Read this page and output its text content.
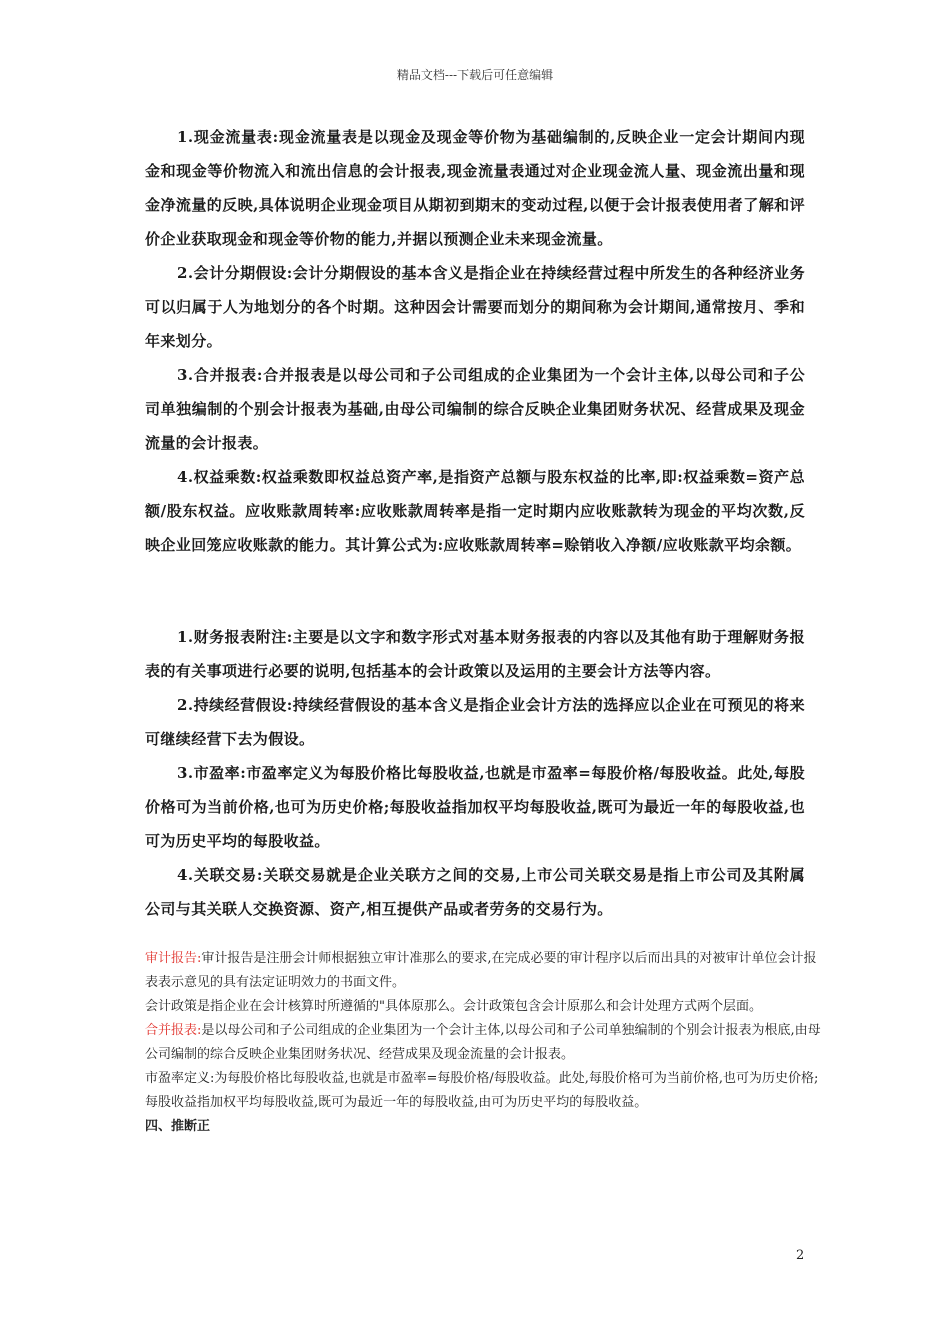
精品文档---下载后可任意编辑

1.现金流量表:现金流量表是以现金及现金等价物为基础编制的,反映企业一定会计期间内现金和现金等价物流入和流出信息的会计报表,现金流量表通过对企业现金流人量、现金流出量和现金净流量的反映,具体说明企业现金项目从期初到期末的变动过程,以便于会计报表使用者了解和评价企业获取现金和现金等价物的能力,并据以预测企业未来现金流量。

2.会计分期假设:会计分期假设的基本含义是指企业在持续经营过程中所发生的各种经济业务可以归属于人为地划分的各个时期。这种因会计需要而划分的期间称为会计期间,通常按月、季和年来划分。

3.合并报表:合并报表是以母公司和子公司组成的企业集团为一个会计主体,以母公司和子公司单独编制的个别会计报表为基础,由母公司编制的综合反映企业集团财务状况、经营成果及现金流量的会计报表。

4.权益乘数:权益乘数即权益总资产率,是指资产总额与股东权益的比率,即:权益乘数=资产总额/股东权益。应收账款周转率:应收账款周转率是指一定时期内应收账款转为现金的平均次数,反映企业回笼应收账款的能力。其计算公式为:应收账款周转率=赊销收入净额/应收账款平均余额。

1.财务报表附注:主要是以文字和数字形式对基本财务报表的内容以及其他有助于理解财务报表的有关事项进行必要的说明,包括基本的会计政策以及运用的主要会计方法等内容。

2.持续经营假设:持续经营假设的基本含义是指企业会计方法的选择应以企业在可预见的将来可继续经营下去为假设。

3.市盈率:市盈率定义为每股价格比每股收益,也就是市盈率=每股价格/每股收益。此处,每股价格可为当前价格,也可为历史价格;每股收益指加权平均每股收益,既可为最近一年的每股收益,也可为历史平均的每股收益。

4.关联交易:关联交易就是企业关联方之间的交易,上市公司关联交易是指上市公司及其附属公司与其关联人交换资源、资产,相互提供产品或者劳务的交易行为。

审计报告:审计报告是注册会计师根据独立审计准那么的要求,在完成必要的审计程序以后而出具的对被审计单位会计报表表示意见的具有法定证明效力的书面文件。

会计政策是指企业在会计核算时所遵循的"具体原那么。会计政策包含会计原那么和会计处理方式两个层面。

合并报表:是以母公司和子公司组成的企业集团为一个会计主体,以母公司和子公司单独编制的个别会计报表为根底,由母公司编制的综合反映企业集团财务状况、经营成果及现金流量的会计报表。

市盈率定义:为每股价格比每股收益,也就是市盈率=每股价格/每股收益。此处,每股价格可为当前价格,也可为历史价格;每股收益指加权平均每股收益,既可为最近一年的每股收益,由可为历史平均的每股收益。

四、推断正

2
